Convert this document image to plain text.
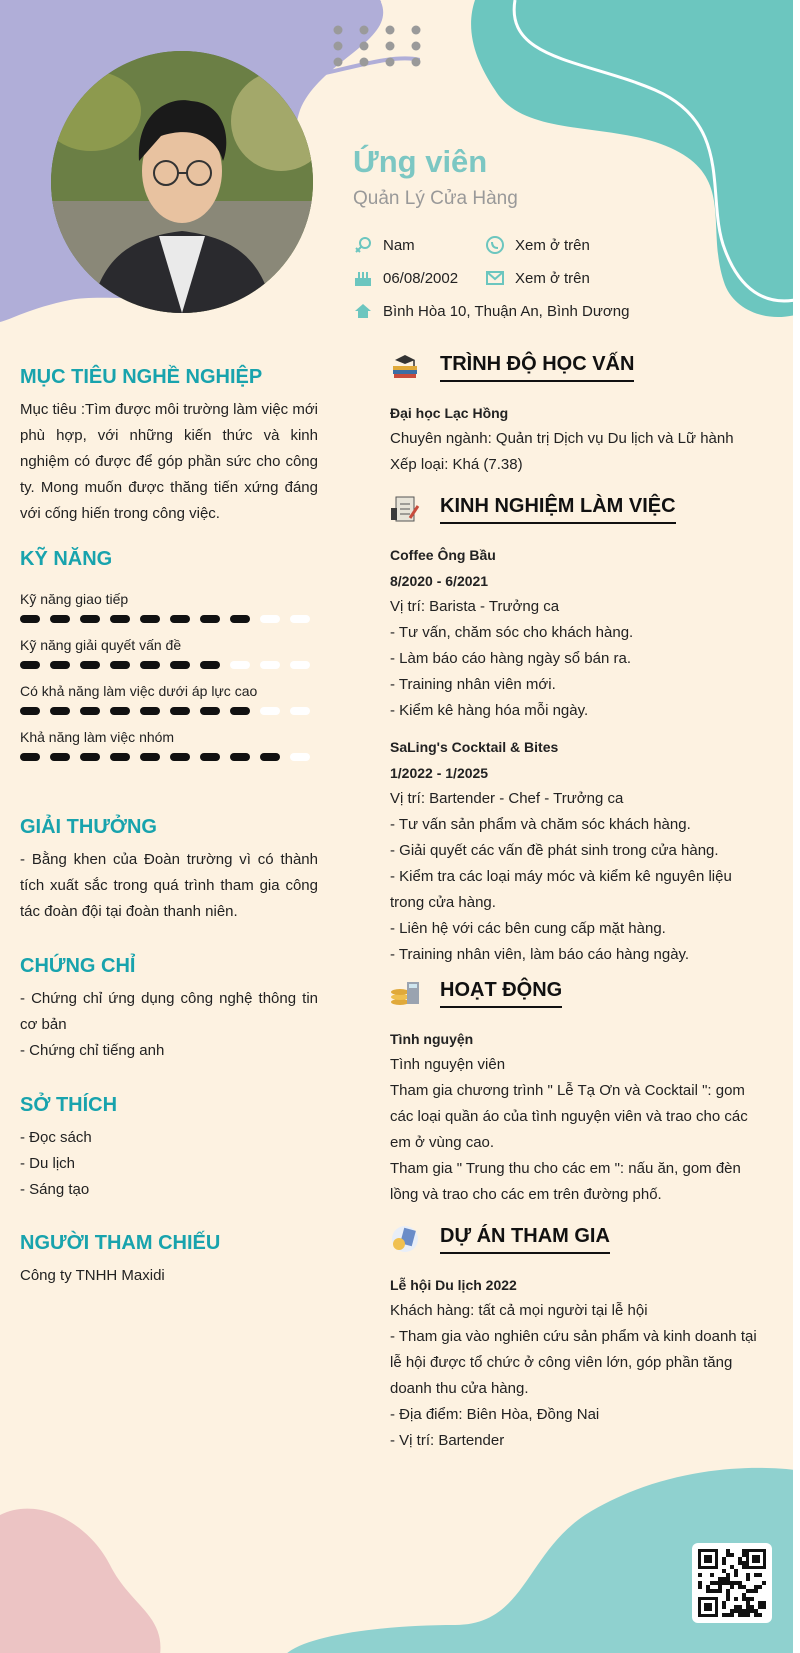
Ứng viên
Quản Lý Cửa Hàng
Nam	Xem ở trên
06/08/2002	Xem ở trên
Bình Hòa 10, Thuận An, Bình Dương
MỤC TIÊU NGHỀ NGHIỆP
Mục tiêu :Tìm được môi trường làm việc mới phù hợp, với những kiến thức và kinh nghiệm có được để góp phần sức cho công ty. Mong muốn được thăng tiến xứng đáng với cống hiến trong công việc.
KỸ NĂNG
Kỹ năng giao tiếp
Kỹ năng giải quyết vấn đề
Có khả năng làm việc dưới áp lực cao
Khả năng làm việc nhóm
GIẢI THƯỞNG
- Bằng khen của Đoàn trường vì có thành tích xuất sắc trong quá trình tham gia công tác đoàn đội tại đoàn thanh niên.
CHỨNG CHỈ
- Chứng chỉ ứng dụng công nghệ thông tin cơ bản
- Chứng chỉ tiếng anh
SỞ THÍCH
- Đọc sách
- Du lịch
- Sáng tạo
NGƯỜI THAM CHIẾU
Công ty TNHH Maxidi
TRÌNH ĐỘ HỌC VẤN
Đại học Lạc Hồng
Chuyên ngành: Quản trị Dịch vụ Du lịch và Lữ hành
Xếp loại: Khá (7.38)
KINH NGHIỆM LÀM VIỆC
Coffee Ông Bầu
8/2020 - 6/2021
Vị trí: Barista - Trưởng ca
- Tư vấn, chăm sóc cho khách hàng.
- Làm báo cáo hàng ngày sổ bán ra.
- Training nhân viên mới.
- Kiểm kê hàng hóa mỗi ngày.
SaLing's Cocktail & Bites
1/2022 - 1/2025
Vị trí: Bartender - Chef - Trưởng ca
- Tư vấn sản phẩm và chăm sóc khách hàng.
- Giải quyết các vấn đề phát sinh trong cửa hàng.
- Kiểm tra các loại máy móc và kiểm kê nguyên liệu trong cửa hàng.
- Liên hệ với các bên cung cấp mặt hàng.
- Training nhân viên, làm báo cáo hàng ngày.
HOẠT ĐỘNG
Tình nguyện
Tình nguyện viên
Tham gia chương trình " Lễ Tạ Ơn và Cocktail ": gom các loại quần áo của tình nguyện viên và trao cho các em ở vùng cao.
Tham gia " Trung thu cho các em ": nấu ăn, gom đèn lồng và trao cho các em trên đường phố.
DỰ ÁN THAM GIA
Lễ hội Du lịch 2022
Khách hàng: tất cả mọi người tại lễ hội
- Tham gia vào nghiên cứu sản phẩm và kinh doanh tại lễ hội được tổ chức ở công viên lớn, góp phần tăng doanh thu cửa hàng.
- Địa điểm: Biên Hòa, Đồng Nai
- Vị trí: Bartender
